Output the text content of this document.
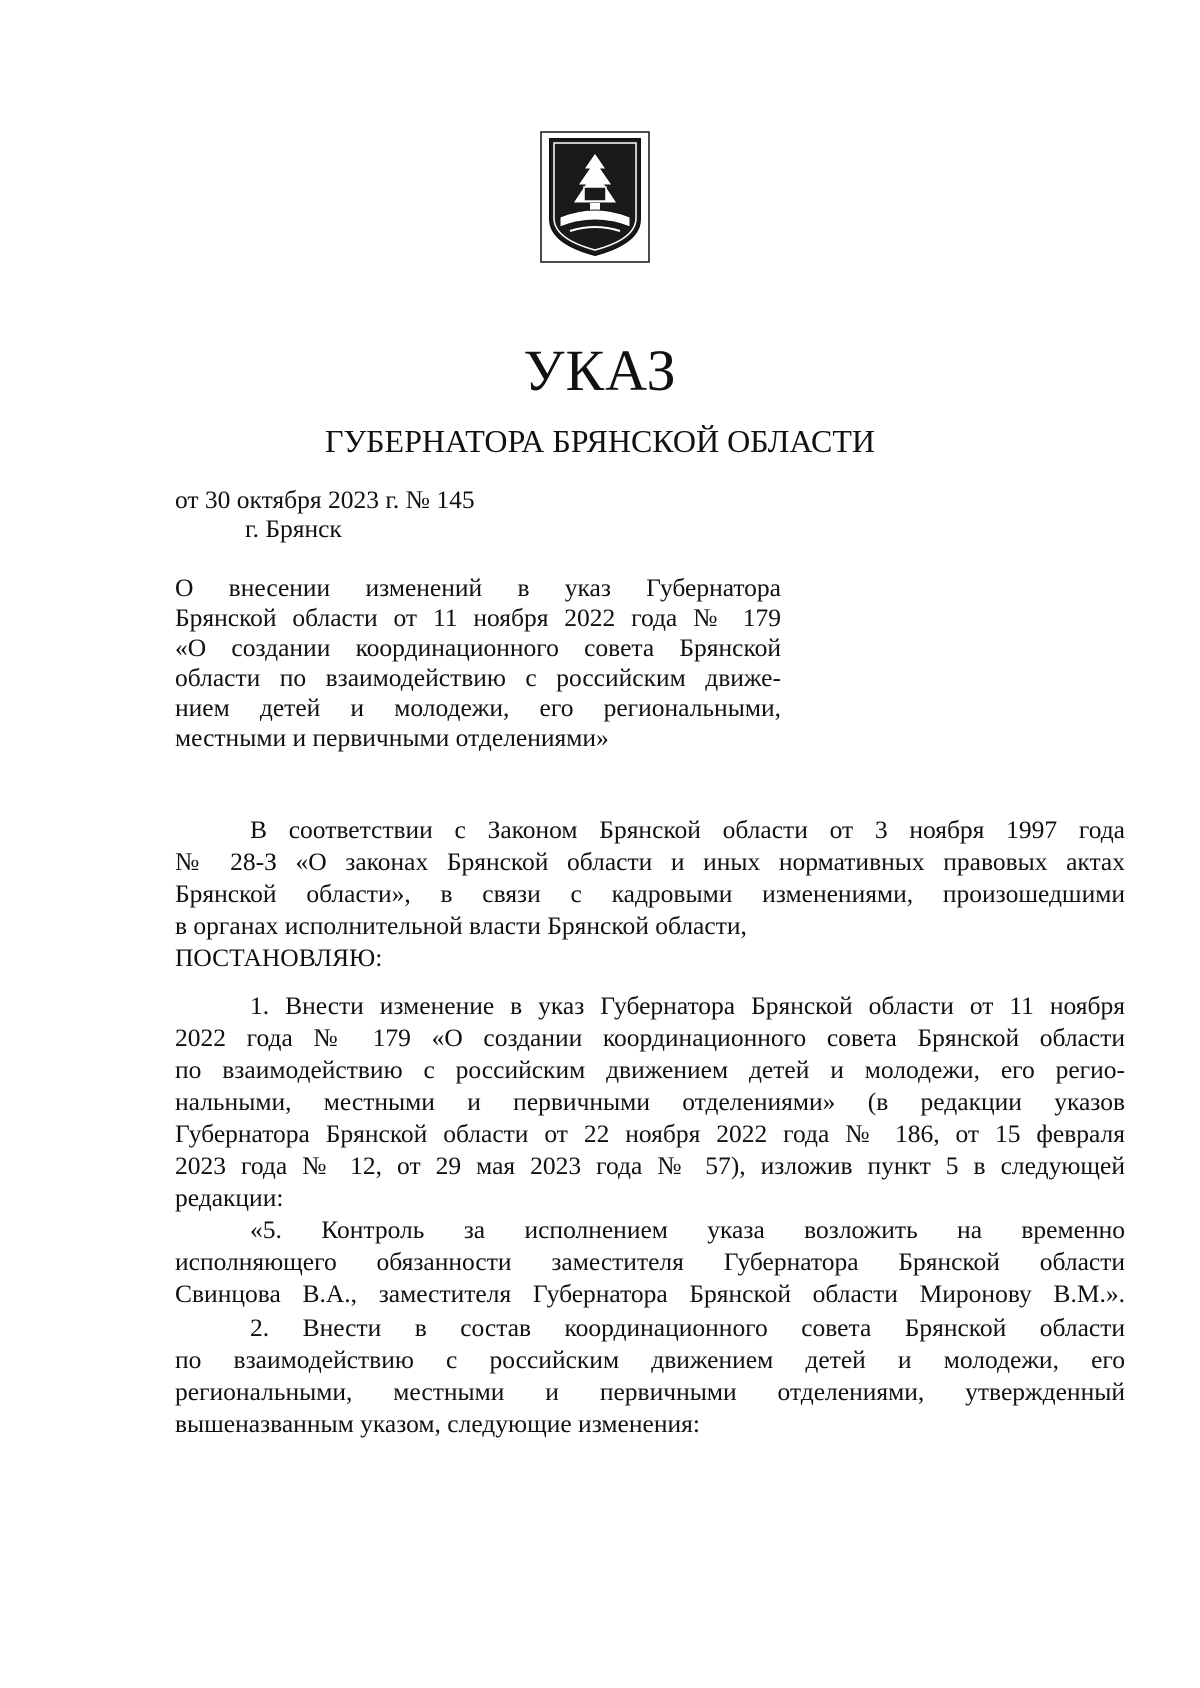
УКАЗ
ГУБЕРНАТОРА БРЯНСКОЙ ОБЛАСТИ
от 30 октября 2023 г. № 145
г. Брянск
О внесении изменений в указ Губернатора
Брянской области от 11 ноября 2022 года № 179
«О создании координационного совета Брянской
области по взаимодействию с российским движе-
нием детей и молодежи, его региональными,
местными и первичными отделениями»
В соответствии с Законом Брянской области от 3 ноября 1997 года
№ 28-З «О законах Брянской области и иных нормативных правовых актах
Брянской области», в связи с кадровыми изменениями, произошедшими
в органах исполнительной власти Брянской области,
ПОСТАНОВЛЯЮ:
1. Внести изменение в указ Губернатора Брянской области от 11 ноября
2022 года № 179 «О создании координационного совета Брянской области
по взаимодействию с российским движением детей и молодежи, его регио-
нальными, местными и первичными отделениями» (в редакции указов
Губернатора Брянской области от 22 ноября 2022 года № 186, от 15 февраля
2023 года № 12, от 29 мая 2023 года № 57), изложив пункт 5 в следующей
редакции:
«5. Контроль за исполнением указа возложить на временно
исполняющего обязанности заместителя Губернатора Брянской области
Свинцова В.А., заместителя Губернатора Брянской области Миронову В.М.».
2. Внести в состав координационного совета Брянской области
по взаимодействию с российским движением детей и молодежи, его
региональными, местными и первичными отделениями, утвержденный
вышеназванным указом, следующие изменения:
